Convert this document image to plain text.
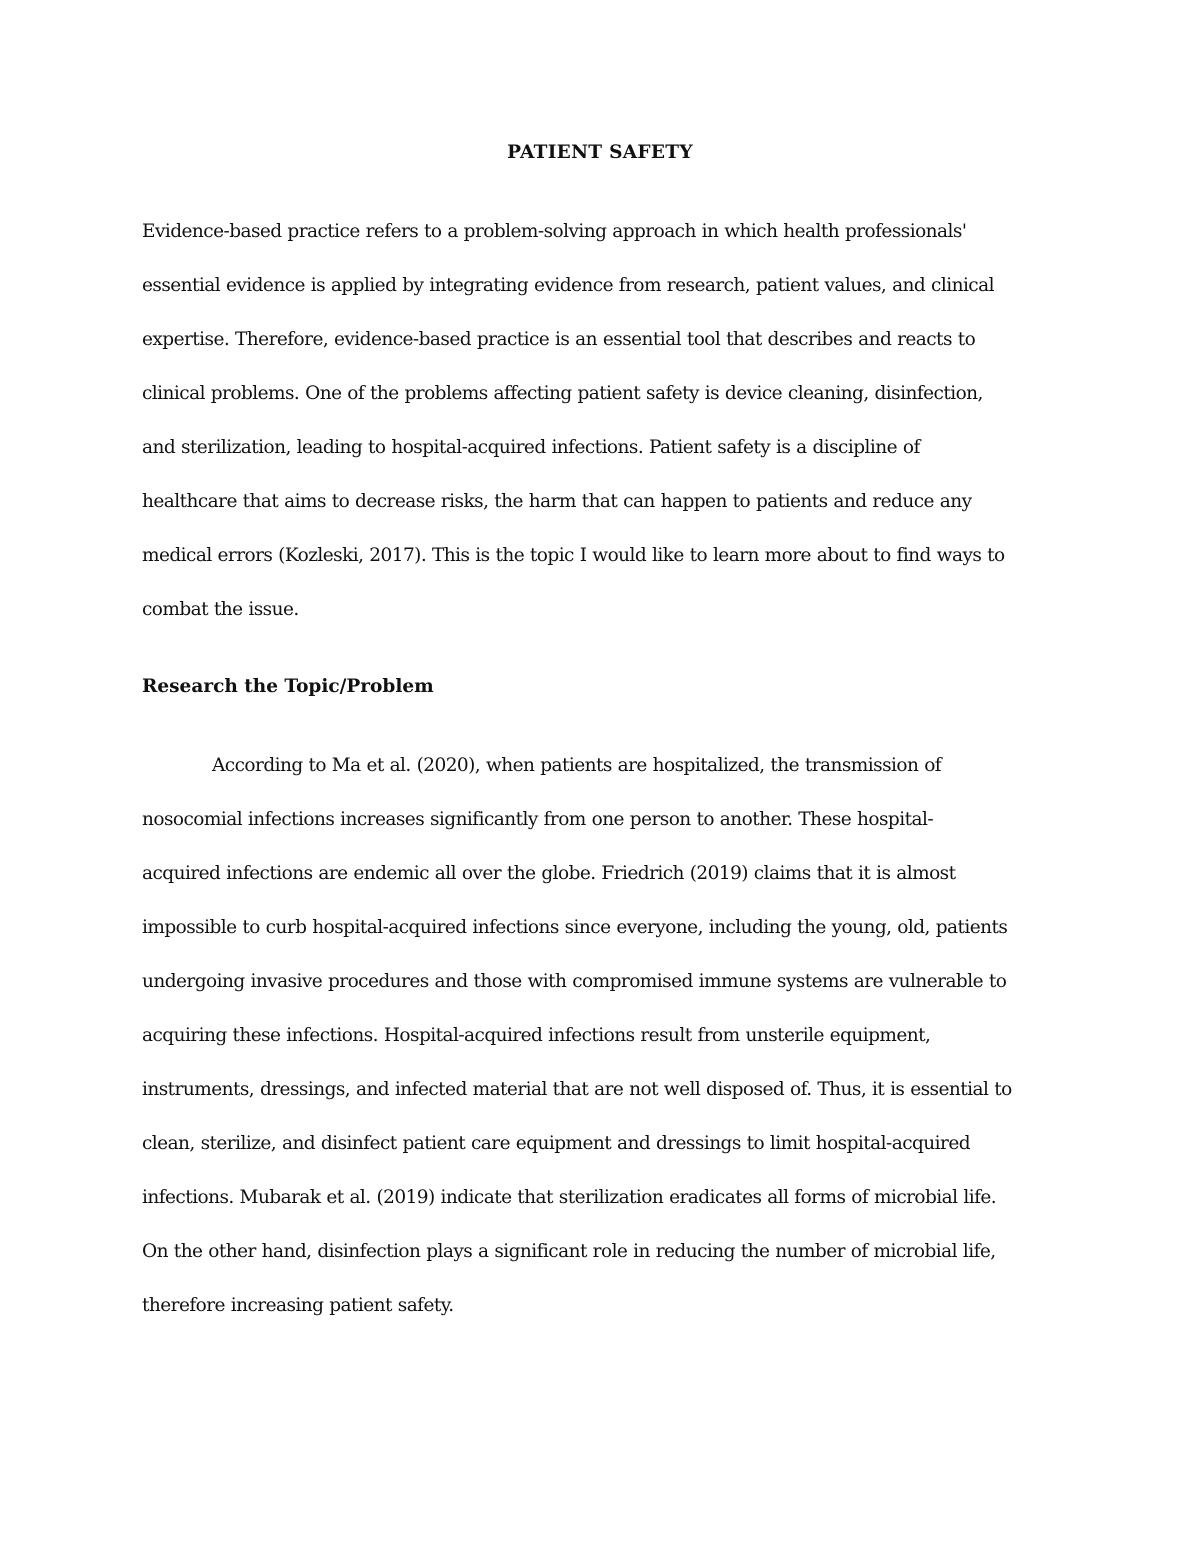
PATIENT SAFETY
Evidence-based practice refers to a problem-solving approach in which health professionals'
essential evidence is applied by integrating evidence from research, patient values, and clinical
expertise. Therefore, evidence-based practice is an essential tool that describes and reacts to
clinical problems. One of the problems affecting patient safety is device cleaning, disinfection,
and sterilization, leading to hospital-acquired infections. Patient safety is a discipline of
healthcare that aims to decrease risks, the harm that can happen to patients and reduce any
medical errors (Kozleski, 2017). This is the topic I would like to learn more about to find ways to
combat the issue.
Research the Topic/Problem
According to Ma et al. (2020), when patients are hospitalized, the transmission of
nosocomial infections increases significantly from one person to another. These hospital-
acquired infections are endemic all over the globe. Friedrich (2019) claims that it is almost
impossible to curb hospital-acquired infections since everyone, including the young, old, patients
undergoing invasive procedures and those with compromised immune systems are vulnerable to
acquiring these infections. Hospital-acquired infections result from unsterile equipment,
instruments, dressings, and infected material that are not well disposed of. Thus, it is essential to
clean, sterilize, and disinfect patient care equipment and dressings to limit hospital-acquired
infections. Mubarak et al. (2019) indicate that sterilization eradicates all forms of microbial life.
On the other hand, disinfection plays a significant role in reducing the number of microbial life,
therefore increasing patient safety.
